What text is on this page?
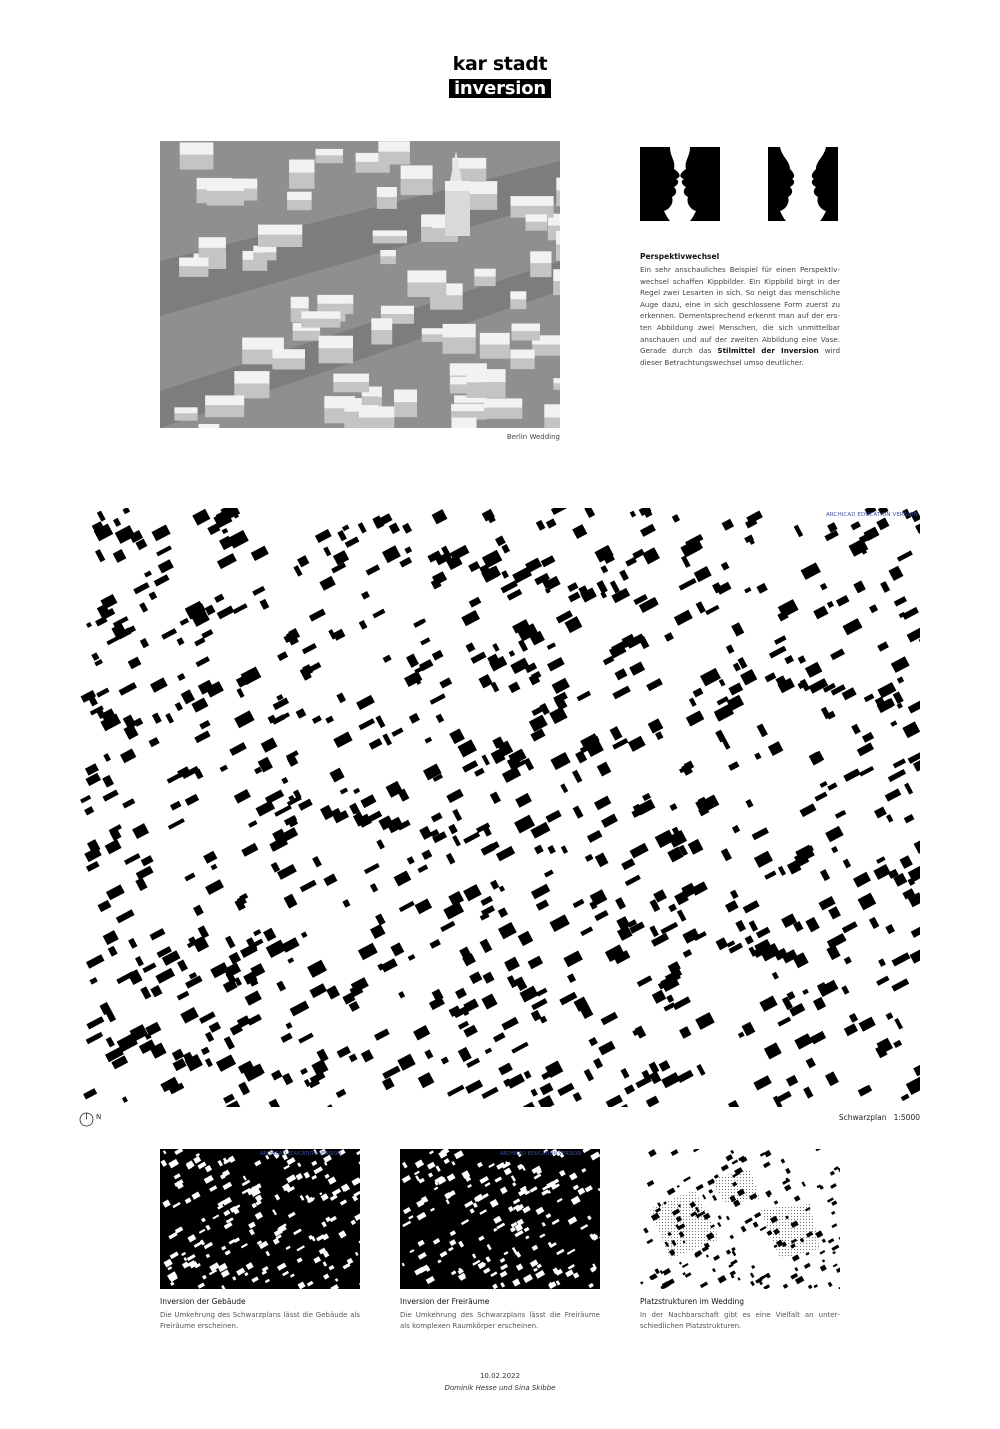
kar stadt
inversion
Berlin Wedding
Perspektivwechsel
Ein sehr anschauliches Beispiel für einen Perspektivwechsel schaffen Kippbilder. Ein Kippbild birgt in der Regel zwei Lesarten in sich. So neigt das menschliche Auge dazu, eine in sich geschlossene Form zuerst zu erkennen. Dementsprechend erkennt man auf der ersten Abbildung zwei Menschen, die sich unmittelbar anschauen und auf der zweiten Abbildung eine Vase. Gerade durch das Stilmittel der Inversion wird dieser Betrachtungswechsel umso deutlicher.
ARCHICAD EDUCATION VERSION
N	Schwarzplan   1:5000
ARCHICAD EDUCATION VERSION	ARCHICAD EDUCATION VERSION
Inversion der Gebäude
Die Umkehrung des Schwarzplans lässt die Gebäude als Freiräume erscheinen.
Inversion der Freiräume
Die Umkehrung des Schwarzplans lässt die Freiräume als komplexen Raumkörper erscheinen.
Platzstrukturen im Wedding
In der Nachbarschaft gibt es eine Vielfalt an unterschiedlichen Platzstrukturen.
10.02.2022
Dominik Hesse und Sina Skibbe
